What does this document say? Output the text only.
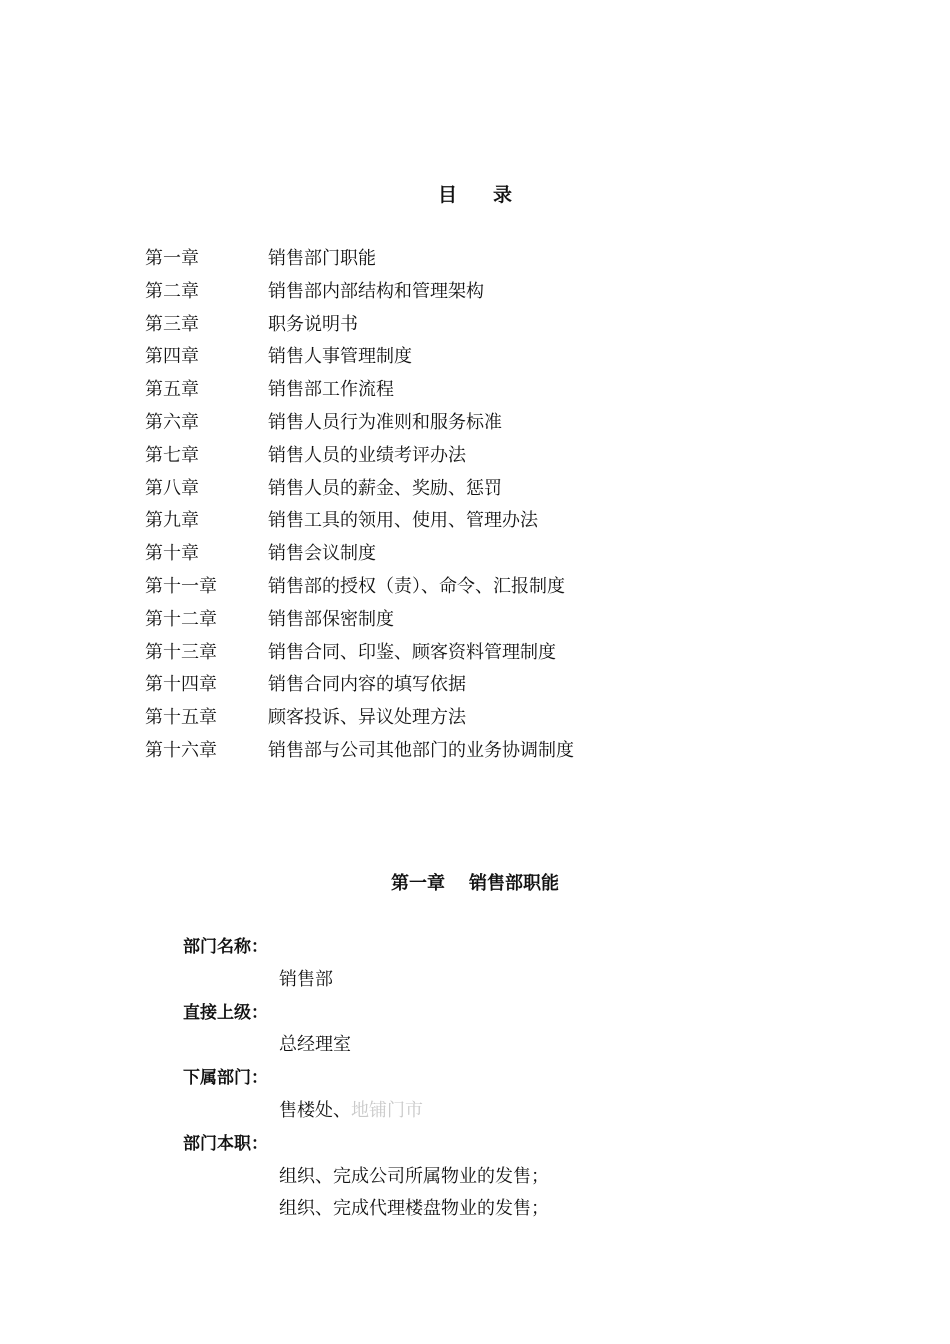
目 录
第一章	销售部门职能
第二章	销售部内部结构和管理架构
第三章	职务说明书
第四章	销售人事管理制度
第五章	销售部工作流程
第六章	销售人员行为准则和服务标准
第七章	销售人员的业绩考评办法
第八章	销售人员的薪金、奖励、惩罚
第九章	销售工具的领用、使用、管理办法
第十章	销售会议制度
第十一章	销售部的授权（责）、命令、汇报制度
第十二章	销售部保密制度
第十三章	销售合同、印鉴、顾客资料管理制度
第十四章	销售合同内容的填写依据
第十五章	顾客投诉、异议处理方法
第十六章	销售部与公司其他部门的业务协调制度
第一章 销售部职能
部门名称：
销售部
直接上级：
总经理室
下属部门：
售楼处、地铺门市
部门本职：
组织、完成公司所属物业的发售；
组织、完成代理楼盘物业的发售；
